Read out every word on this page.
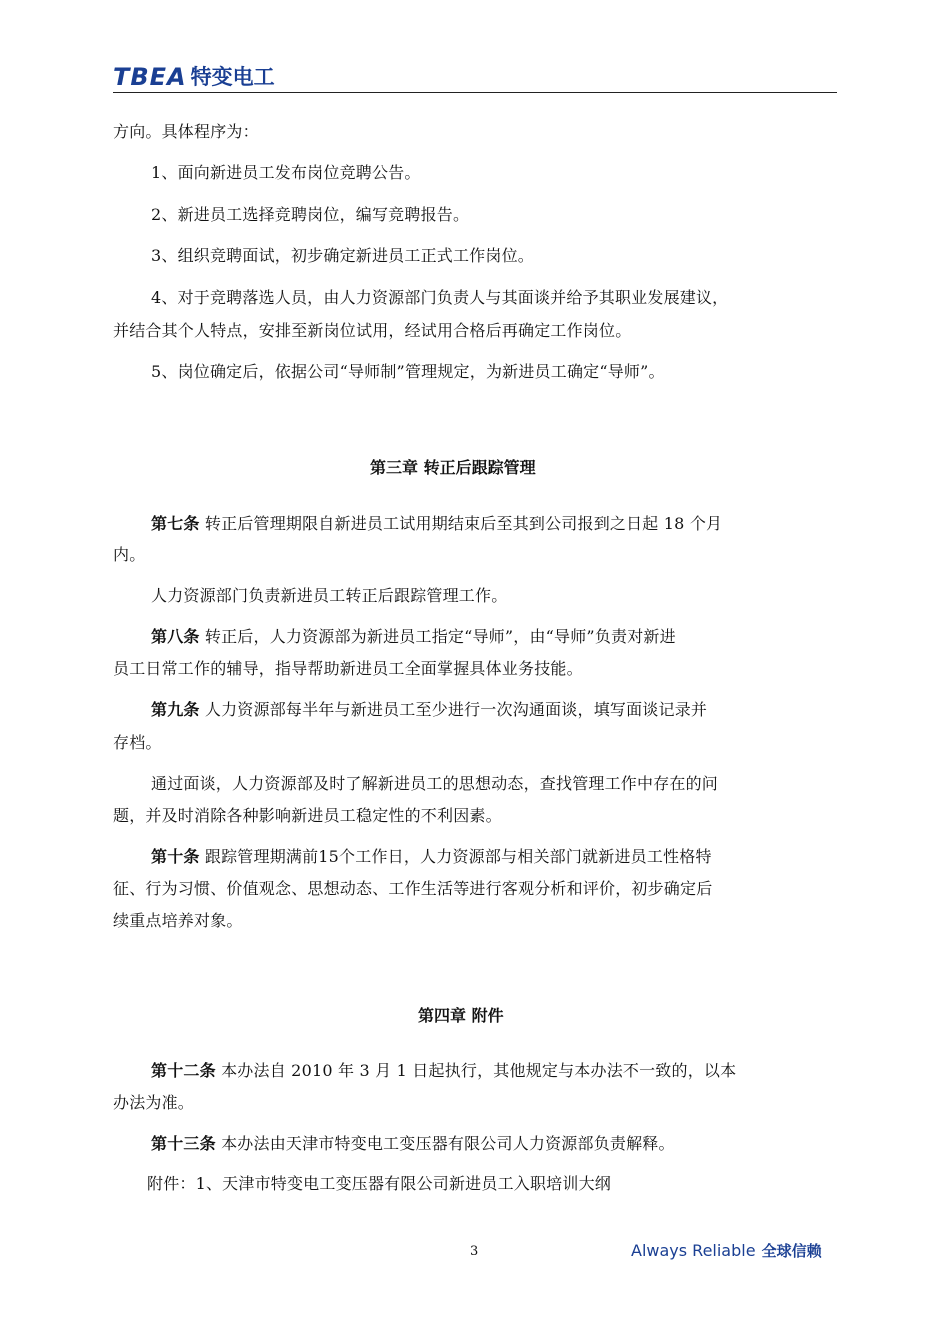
TBEA 特变电工
方向。具体程序为：
1、面向新进员工发布岗位竞聘公告。
2、新进员工选择竞聘岗位，编写竞聘报告。
3、组织竞聘面试，初步确定新进员工正式工作岗位。
4、对于竞聘落选人员，由人力资源部门负责人与其面谈并给予其职业发展建议，
并结合其个人特点，安排至新岗位试用，经试用合格后再确定工作岗位。
5、岗位确定后，依据公司“导师制”管理规定，为新进员工确定“导师”。
第三章 转正后跟踪管理
第七条 转正后管理期限自新进员工试用期结束后至其到公司报到之日起 18 个月
内。
人力资源部门负责新进员工转正后跟踪管理工作。
第八条 转正后，人力资源部为新进员工指定“导师”，由“导师”负责对新进
员工日常工作的辅导，指导帮助新进员工全面掌握具体业务技能。
第九条 人力资源部每半年与新进员工至少进行一次沟通面谈，填写面谈记录并
存档。
通过面谈，人力资源部及时了解新进员工的思想动态，查找管理工作中存在的问
题，并及时消除各种影响新进员工稳定性的不利因素。
第十条 跟踪管理期满前15个工作日，人力资源部与相关部门就新进员工性格特
征、行为习惯、价值观念、思想动态、工作生活等进行客观分析和评价，初步确定后
续重点培养对象。
第四章 附件
第十二条 本办法自 2010 年 3 月 1 日起执行，其他规定与本办法不一致的，以本
办法为准。
第十三条 本办法由天津市特变电工变压器有限公司人力资源部负责解释。
附件：1、天津市特变电工变压器有限公司新进员工入职培训大纲
3	Always Reliable 全球信赖
